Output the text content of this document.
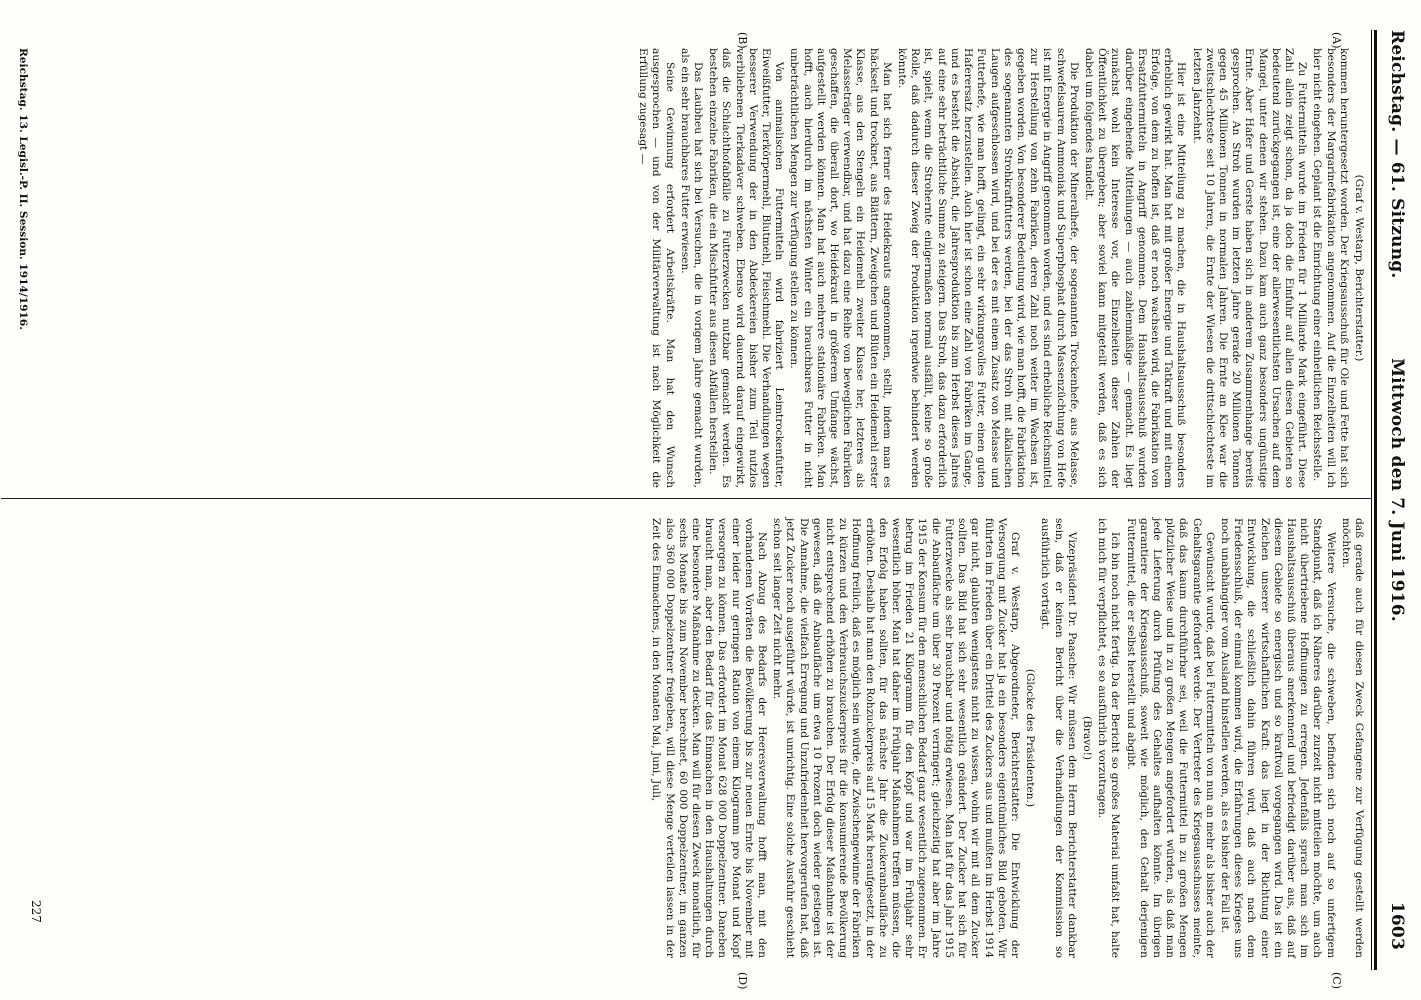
Reichstag. — 61. Sitzung.
Mittwoch den 7. Juni 1916.
1603
(A)
(B)
(C)
(D)

(Graf v. Westarp, Berichterstatter.)

kommen heruntergesetzt worden. Der Kriegsausschuß für Ole und Fette hat sich besonders der Margarinefabrikation angenommen. Auf die Einzelheiten will ich hier nicht eingehen. Geplant ist die Einrichtung einer einheitlichen Reichsstelle.

Zu Futtermitteln wurde im Frieden für 1 Milliarde Mark eingeführt. Diese Zahl allein zeigt schon, da ja doch die Einfuhr auf allen diesen Gebieten so bedeutend zurückgegangen ist, eine der allerwesentlichsten Ursachen auf dem Mangel, unter denen wir stehen. Dazu kam auch ganz besonders ungünstige Ernte. Aber Hafer und Gerste haben sich in anderem Zusammenhange bereits gesprochen. An Stroh wurden im letzten Jahre gerade 20 Millionen Tonnen gegen 45 Millionen Tonnen in normalen Jahren. Die Ernte an Klee war die zweitschlechteste seit 10 Jahren, die Ernte der Wiesen die drittschlechteste im letzten Jahrzehnt.

Hier ist eine Mitteilung zu machen, die in Haushaltsausschuß besonders erheblich gewirkt hat. Man hat mit großer Energie und Tatkraft und mit einem Erfolge, von dem zu hoffen ist, daß er noch wachsen wird, die Fabrikation von Ersatzfuttermitteln in Angriff genommen. Dem Haushaltsausschuß wurden darüber eingehende Mitteilungen — auch zahlenmäßige — gemacht. Es liegt zunächst wohl kein Interesse vor, die Einzelheiten dieser Zahlen der Öffentlichkeit zu übergeben; aber soviel kann mitgeteilt werden, daß es sich dabei um folgendes handelt.

Die Produktion der Mineralhefe, der sogenannten Trockenhefe, aus Melasse, schwefelsaurem Ammoniak und Superphosphat durch Massenzüchtung von Hefe ist mit Energie in Angriff genommen worden, und es sind erhebliche Reichsmittel zur Herstellung von zehn Fabriken, deren Zahl noch weiter im Wachsen ist, gegeben worden. Von besonderer Bedeutung wird, wie man hofft, die Fabrikation des sogenannten Strohkraftfutters werden, bei der das Stroh mit alkalischen Laugen aufgeschlossen wird, und bei der es mit einem Zusatz von Melasse und Futterhefe, wie man hofft, gelingt, ein sehr wirkungsvolles Futter, einen guten Haferersatz herzustellen. Auch hier ist schon eine Zahl von Fabriken im Gange, und es besteht die Absicht, die Jahresproduktion bis zum Herbst dieses Jahres auf eine sehr beträchtliche Summe zu steigern. Das Stroh, das dazu erforderlich ist, spielt, wenn die Strohernte einigermaßen normal ausfällt, keine so große Rolle, daß dadurch dieser Zweig der Produktion irgendwie behindert werden könnte.

Man hat sich ferner des Heidekrauts angenommen, stellt, indem man es häckselt und trocknet, aus Blättern, Zweigchen und Blüten ein Heidemehl erster Klasse, aus den Stengeln ein Heidemehl zweiter Klasse her, letzteres als Melasseträger verwendbar, und hat dazu eine Reihe von beweglichen Fabriken geschaffen, die überall dort, wo Heidekraut in größerem Umfange wächst, aufgestellt werden können. Man hat auch mehrere stationäre Fabriken. Man hofft, auch hierdurch im nächsten Winter ein brauchbares Futter in nicht unbeträchtlichen Mengen zur Verfügung stellen zu können.

Von animalischen Futtermitteln wird fabriziert Leimtrockenfutter, Eiweißfutter, Tierkörpermehl, Blutmehl, Fleischmehl. Die Verhandlungen wegen besserer Verwendung der in den Abdeckereien bisher zum Teil nutzlos verbliebenen Tierkadaver schweben. Ebenso wird dauernd darauf eingewirkt, daß die Schlachthofabfälle zu Futterzwecken nutzbar gemacht werden. Es bestehen einzelne Fabriken, die ein Mischfutter aus diesen Abfällen herstellen.

Das Laubheu hat sich bei Versuchen, die in vorigem Jahre gemacht wurden, als ein sehr brauchbares Futter erwiesen.

Seine Gewinnung erfordert Arbeitskräfte. Man hat den Wunsch ausgesprochen — und von der Militärverwaltung ist nach Möglichkeit die Erfüllung zugesagt —

daß gerade auch für diesen Zweck Gefangene zur Verfügung gestellt werden möchten.

Weitere Versuche, die schweben, befinden sich noch auf so unfertigem Standpunkt, daß ich Näheres darüber zurzeit nicht mitteilen möchte, um auch nicht übertriebene Hoffnungen zu erregen. Jedenfalls sprach man sich im Haushaltsausschuß überaus anerkennend und befriedigt darüber aus, daß auf diesem Gebiete so energisch und so kraftvoll vorgegangen wird. Das ist ein Zeichen unserer wirtschaftlichen Kraft: das liegt in der Richtung einer Entwicklung, die schließlich dahin führen wird, daß auch nach dem Friedensschluß, der einmal kommen wird, die Erfahrungen dieses Krieges uns noch unabhängiger vom Ausland hinstellen werden, als es bisher der Fall ist.

Gewünscht wurde, daß bei Futtermitteln von nun an mehr als bisher auch der Gehaltsgarantie gefordert werde. Der Vertreter des Kriegsausschusses meinte, daß das kaum durchführbar sei, weil die Futtermittel in zu großen Mengen plötzlicher Weise und in zu großen Mengen angefordert würden, als daß man jede Lieferung durch Prüfung des Gehaltes aufhalten könnte. Im übrigen garantiere der Kriegsausschuß, soweit wie möglich, den Gehalt derjenigen Futtermittel, die er selbst herstellt und abgibt.

Ich bin noch nicht fertig. Da der Bericht so großes Material umfaßt hat, halte ich mich für verpflichtet, es so ausführlich vorzutragen.

(Bravo!)

Vizepräsident Dr. Paasche: Wir müssen dem Herrn Berichterstatter dankbar sein, daß er keinen Bericht über die Verhandlungen der Kommission so ausführlich vorträgt.

(Glocke des Präsidenten.)

Graf v. Westarp, Abgeordneter, Berichterstatter: Die Entwicklung der Versorgung mit Zucker hat ja ein besonders eigentümliches Bild geboten. Wir führten im Frieden über ein Drittel des Zuckers aus und mußten im Herbst 1914 gar nicht, glaubten wenigstens nicht zu wissen, wohin wir mit all dem Zucker sollten. Das Bild hat sich sehr wesentlich geändert. Der Zucker hat sich für Futterzwecke als sehr brauchbar und nötig erwiesen. Man hat für das Jahr 1915 die Anbaufläche um über 30 Prozent verringert; gleichzeitig hat aber im Jahre 1915 der Konsum für den menschlichen Bedarf ganz wesentlich zugenommen. Er betrug im Frieden 21 Kilogramm für den Kopf und war im Frühjahr sehr wesentlich höher. Man hat daher im Frühjahr Maßnahmen treffen müssen, die den Erfolg haben sollten, für das nächste Jahr die Zuckeranbaufläche zu erhöhen. Deshalb hat man den Rohzuckerpreis auf 15 Mark heraufgesetzt, in der Hoffnung freilich, daß es möglich sein würde, die Zwischengewinne der Fabriken zu kürzen und den Verbrauchszuckerpreis für die konsumierende Bevölkerung nicht entsprechend erhöhen zu brauchen. Der Erfolg dieser Maßnahme ist der gewesen, daß die Anbaufläche um etwa 10 Prozent doch wieder gestiegen ist. Die Annahme, die vielfach Erregung und Unzufriedenheit hervorgerufen hat, daß jetzt Zucker noch ausgeführt würde, ist unrichtig. Eine solche Ausfuhr geschieht schon seit langer Zeit nicht mehr.

Nach Abzug des Bedarfs der Heeresverwaltung hofft man, mit den vorhandenen Vorräten die Bevölkerung bis zur neuen Ernte bis November mit einer leider nur geringen Ration von einem Kilogramm pro Monat und Kopf versorgen zu können. Das erfordert im Monat 628 000 Doppelzentner. Daneben braucht man, aber den Bedarf für das Einmachen in den Haushaltungen durch eine besondere Maßnahme zu decken. Man will für diesen Zweck monatlich, für sechs Monate bis zum November berechnet, 60 000 Doppelzentner, im ganzen also 360 000 Doppelzentner freigeben, will diese Menge verteilen lassen in der Zeit des Einmachens, in den Monaten Mai, Juni, Juli,

Reichstag. 13. Legisl.-P. II. Session. 1914/1916.
227
